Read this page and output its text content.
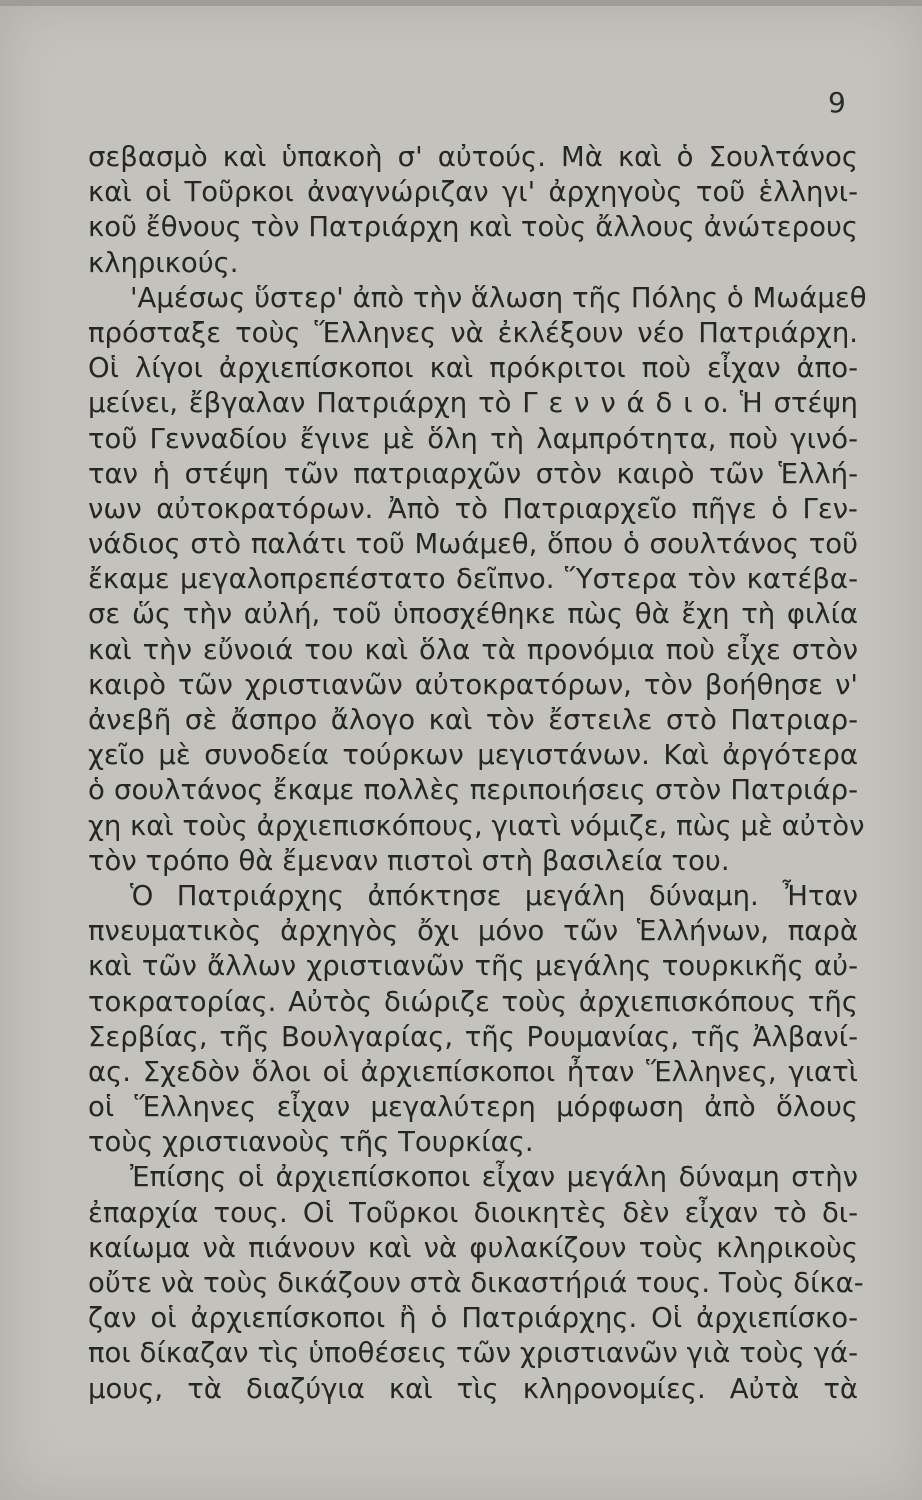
9
σεβασμὸ καὶ ὑπακοὴ σ' αὐτούς. Μὰ καὶ ὁ Σουλτάνος
καὶ οἱ Τοῦρκοι ἀναγνώριζαν γι' ἀρχηγοὺς τοῦ ἑλληνι-
κοῦ ἔθνους τὸν Πατριάρχη καὶ τοὺς ἄλλους ἀνώτερους
κληρικούς.
'Αμέσως ὕστερ' ἀπὸ τὴν ἅλωση τῆς Πόλης ὁ Μωάμεθ
πρόσταξε τοὺς Ἕλληνες νὰ ἐκλέξουν νέο Πατριάρχη.
Οἱ λίγοι ἀρχιεπίσκοποι καὶ πρόκριτοι ποὺ εἶχαν ἀπο-
μείνει, ἔβγαλαν Πατριάρχη τὸ Γ ε ν ν ά δ ι ο. Ἡ στέψη
τοῦ Γενναδίου ἔγινε μὲ ὅλη τὴ λαμπρότητα, ποὺ γινό-
ταν ἡ στέψη τῶν πατριαρχῶν στὸν καιρὸ τῶν Ἑλλή-
νων αὐτοκρατόρων. Ἀπὸ τὸ Πατριαρχεῖο πῆγε ὁ Γεν-
νάδιος στὸ παλάτι τοῦ Μωάμεθ, ὅπου ὁ σουλτάνος τοῦ
ἔκαμε μεγαλοπρεπέστατο δεῖπνο. Ὕστερα τὸν κατέβα-
σε ὥς τὴν αὐλή, τοῦ ὑποσχέθηκε πὼς θὰ ἔχη τὴ φιλία
καὶ τὴν εὔνοιά του καὶ ὅλα τὰ προνόμια ποὺ εἶχε στὸν
καιρὸ τῶν χριστιανῶν αὐτοκρατόρων, τὸν βοήθησε ν'
ἀνεβῆ σὲ ἄσπρο ἄλογο καὶ τὸν ἔστειλε στὸ Πατριαρ-
χεῖο μὲ συνοδεία τούρκων μεγιστάνων. Καὶ ἀργότερα
ὁ σουλτάνος ἔκαμε πολλὲς περιποιήσεις στὸν Πατριάρ-
χη καὶ τοὺς ἀρχιεπισκόπους, γιατὶ νόμιζε, πὼς μὲ αὐτὸν
τὸν τρόπο θὰ ἔμεναν πιστοὶ στὴ βασιλεία του.
Ὁ Πατριάρχης ἀπόκτησε μεγάλη δύναμη. Ἦταν
πνευματικὸς ἀρχηγὸς ὄχι μόνο τῶν Ἑλλήνων, παρὰ
καὶ τῶν ἄλλων χριστιανῶν τῆς μεγάλης τουρκικῆς αὐ-
τοκρατορίας. Αὐτὸς διώριζε τοὺς ἀρχιεπισκόπους τῆς
Σερβίας, τῆς Βουλγαρίας, τῆς Ρουμανίας, τῆς Ἀλβανί-
ας. Σχεδὸν ὅλοι οἱ ἀρχιεπίσκοποι ἦταν Ἕλληνες, γιατὶ
οἱ Ἕλληνες εἶχαν μεγαλύτερη μόρφωση ἀπὸ ὅλους
τοὺς χριστιανοὺς τῆς Τουρκίας.
Ἐπίσης οἱ ἀρχιεπίσκοποι εἶχαν μεγάλη δύναμη στὴν
ἐπαρχία τους. Οἱ Τοῦρκοι διοικητὲς δὲν εἶχαν τὸ δι-
καίωμα νὰ πιάνουν καὶ νὰ φυλακίζουν τοὺς κληρικοὺς
οὔτε νὰ τοὺς δικάζουν στὰ δικαστήριά τους. Τοὺς δίκα-
ζαν οἱ ἀρχιεπίσκοποι ἢ ὁ Πατριάρχης. Οἱ ἀρχιεπίσκο-
ποι δίκαζαν τὶς ὑποθέσεις τῶν χριστιανῶν γιὰ τοὺς γά-
μους, τὰ διαζύγια καὶ τὶς κληρονομίες. Αὐτὰ τὰ
